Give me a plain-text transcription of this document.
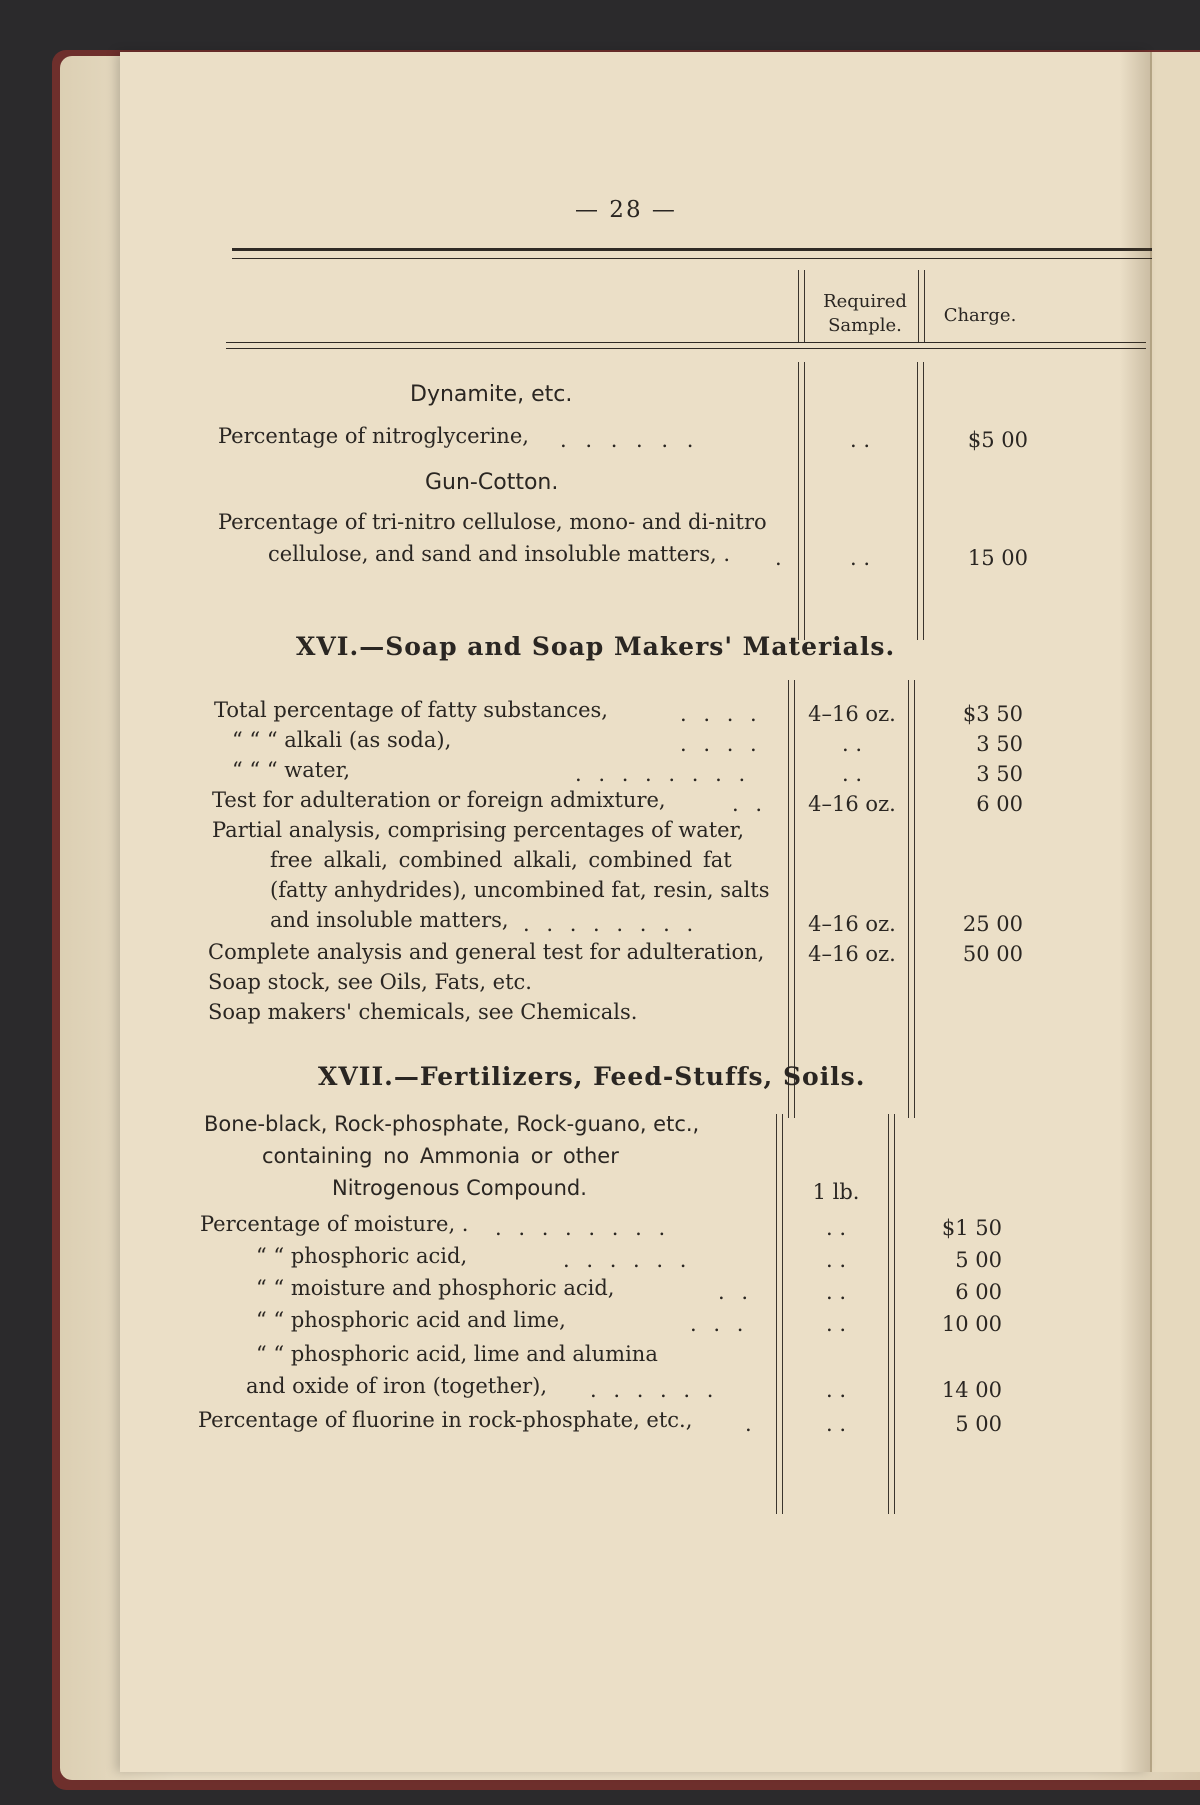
— 28 —
Required
Sample.	Charge.
Dynamite, etc.
Percentage of nitroglycerine, . . . . . .	. .	$5 00
Gun-Cotton.
Percentage of tri-nitro cellulose, mono- and di-nitro
cellulose, and sand and insoluble matters, . .	. .	15 00
XVI.—Soap and Soap Makers' Materials.
Total percentage of fatty substances,	. . . .	4–16 oz.	$3 50
“ “ “ alkali (as soda),	. . . .	. .	3 50
“ “ “ water,	. . . . . . . .	. .	3 50
Test for adulteration or foreign admixture,	. .	4–16 oz.	6 00
Partial analysis, comprising percentages of water,
free alkali, combined alkali, combined fat
(fatty anhydrides), uncombined fat, resin, salts
and insoluble matters, . . . . . . . .	4–16 oz.	25 00
Complete analysis and general test for adulteration,	4–16 oz.	50 00
Soap stock, see Oils, Fats, etc.
Soap makers' chemicals, see Chemicals.
XVII.—Fertilizers, Feed-Stuffs, Soils.
Bone-black, Rock-phosphate, Rock-guano, etc.,
containing no Ammonia or other
Nitrogenous Compound.	1 lb.
Percentage of moisture, . . . . . . . . .	. .	$1 50
“ “ phosphoric acid,	. . . . . .	. .	5 00
“ “ moisture and phosphoric acid,	. .	. .	6 00
“ “ phosphoric acid and lime,	. . .	. .	10 00
“ “ phosphoric acid, lime and alumina
and oxide of iron (together), . . . . . .	. .	14 00
Percentage of fluorine in rock-phosphate, etc.,	.	. .	5 00
